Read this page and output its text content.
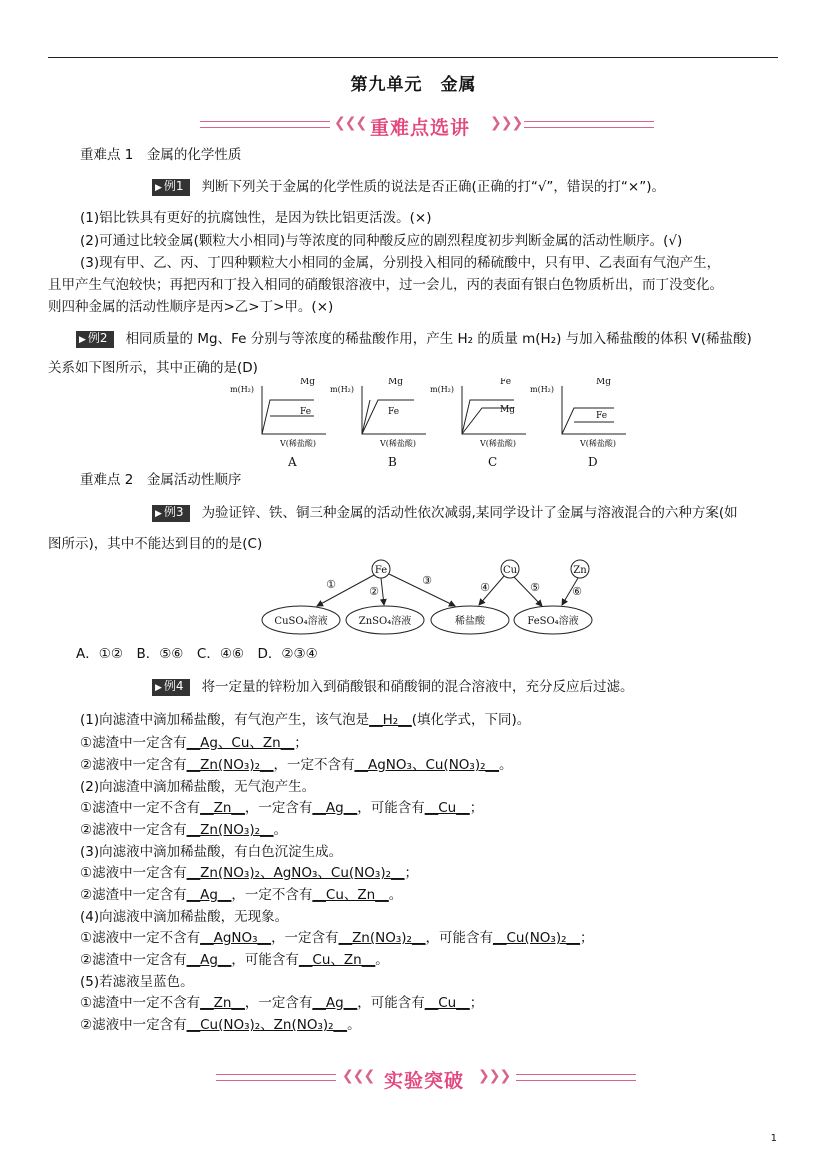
第九单元　金属
❮❮❮ 重难点选讲 ❯❯❯
重难点 1　金属的化学性质
▶ 例1 判断下列关于金属的化学性质的说法是否正确(正确的打“√”，错误的打“×”)。
(1)铝比铁具有更好的抗腐蚀性，是因为铁比铝更活泼。(×)
(2)可通过比较金属(颗粒大小相同)与等浓度的同种酸反应的剧烈程度初步判断金属的活动性顺序。(√)
(3)现有甲、乙、丙、丁四种颗粒大小相同的金属，分别投入相同的稀硫酸中，只有甲、乙表面有气泡产生，
且甲产生气泡较快；再把丙和丁投入相同的硝酸银溶液中，过一会儿，丙的表面有银白色物质析出，而丁没变化。
则四种金属的活动性顺序是丙>乙>丁>甲。(×)
▶ 例2 相同质量的 Mg、Fe 分别与等浓度的稀盐酸作用，产生 H₂ 的质量 m(H₂) 与加入稀盐酸的体积 V(稀盐酸)
关系如下图所示，其中正确的是(D)
m(H₂)
V(稀盐酸)
Mg
Fe
A
m(H₂)
V(稀盐酸)
Mg
Fe
B
m(H₂)
V(稀盐酸)
Fe
Mg
C
m(H₂)
V(稀盐酸)
Mg
Fe
D
重难点 2　金属活动性顺序
▶ 例3 为验证锌、铁、铜三种金属的活动性依次减弱,某同学设计了金属与溶液混合的六种方案(如
图所示)，其中不能达到目的的是(C)
Fe	Cu	Zn
CuSO₄溶液	ZnSO₄溶液	稀盐酸	FeSO₄溶液
①
②
③
④	⑤	⑥
A．①②　B．⑤⑥　C．④⑥　D．②③④
▶ 例4 将一定量的锌粉加入到硝酸银和硝酸铜的混合溶液中，充分反应后过滤。
(1)向滤渣中滴加稀盐酸，有气泡产生，该气泡是__H₂__(填化学式，下同)。
①滤渣中一定含有__Ag、Cu、Zn__；
②滤液中一定含有__Zn(NO₃)₂__，一定不含有__AgNO₃、Cu(NO₃)₂__。
(2)向滤渣中滴加稀盐酸，无气泡产生。
①滤渣中一定不含有__Zn__，一定含有__Ag__，可能含有__Cu__；
②滤液中一定含有__Zn(NO₃)₂__。
(3)向滤液中滴加稀盐酸，有白色沉淀生成。
①滤液中一定含有__Zn(NO₃)₂、AgNO₃、Cu(NO₃)₂__；
②滤渣中一定含有__Ag__，一定不含有__Cu、Zn__。
(4)向滤液中滴加稀盐酸，无现象。
①滤液中一定不含有__AgNO₃__，一定含有__Zn(NO₃)₂__，可能含有__Cu(NO₃)₂__；
②滤渣中一定含有__Ag__，可能含有__Cu、Zn__。
(5)若滤液呈蓝色。
①滤渣中一定不含有__Zn__，一定含有__Ag__，可能含有__Cu__；
②滤液中一定含有__Cu(NO₃)₂、Zn(NO₃)₂__。
❮❮❮ 实验突破 ❯❯❯
1
